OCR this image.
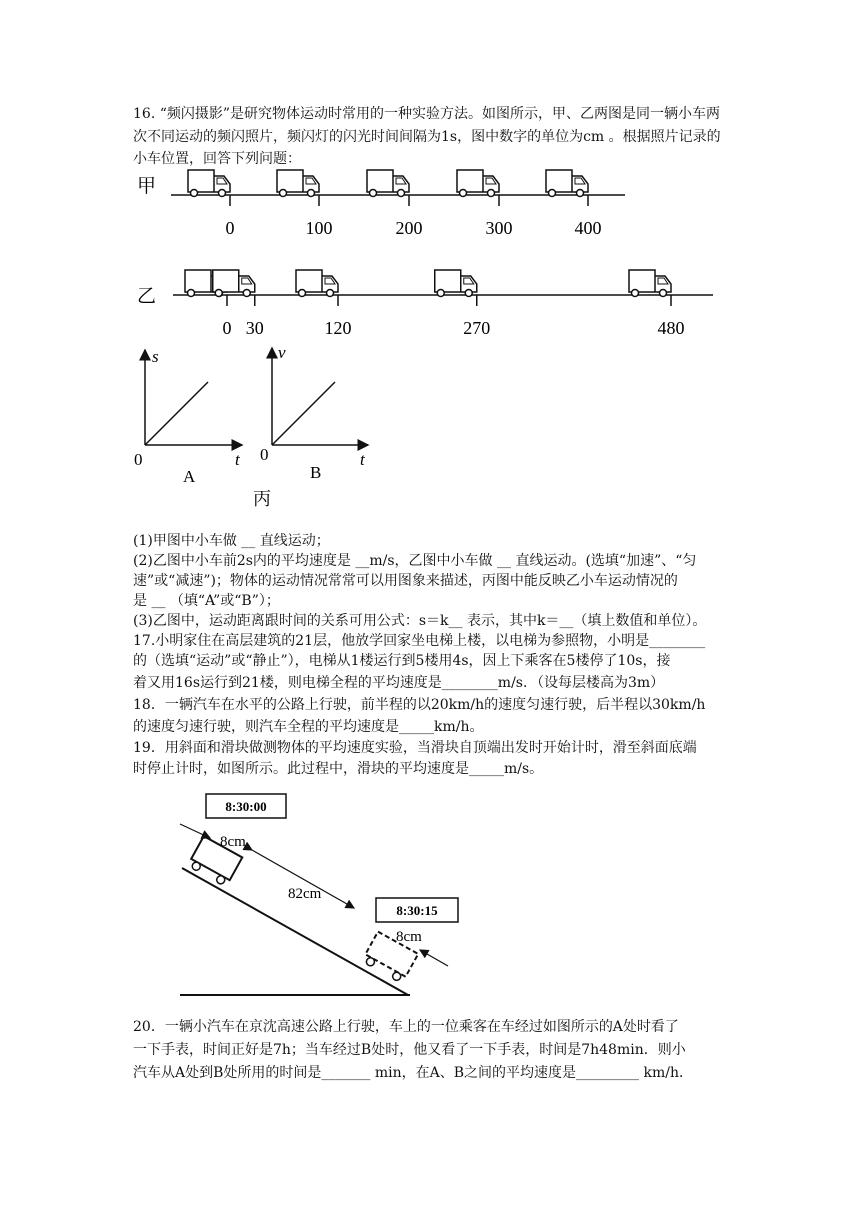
16. “频闪摄影”是研究物体运动时常用的一种实验方法。如图所示，甲、乙两图是同一辆小车两次不同运动的频闪照片，频闪灯的闪光时间间隔为1s，图中数字的单位为cm 。根据照片记录的小车位置，回答下列问题：
甲
0	100	200	300	400
乙
0 30	120	270	480
s
t
0
A
v
t
0
B
丙
(1)甲图中小车做 __ 直线运动；
(2)乙图中小车前2s内的平均速度是 __m/s，乙图中小车做 __ 直线运动。(选填“加速”、“匀
速”或“减速”)；物体的运动情况常常可以用图象来描述，丙图中能反映乙小车运动情况的
是 __ （填“A”或“B”）；
(3)乙图中，运动距离跟时间的关系可用公式：s＝k__ 表示，其中k＝__（填上数值和单位）。
17.小明家住在高层建筑的21层，他放学回家坐电梯上楼，以电梯为参照物，小明是________
的（选填“运动”或“静止”），电梯从1楼运行到5楼用4s，因上下乘客在5楼停了10s，接
着又用16s运行到21楼，则电梯全程的平均速度是________m/s．（设每层楼高为3m）
18．一辆汽车在水平的公路上行驶，前半程的以20km/h的速度匀速行驶，后半程以30km/h
的速度匀速行驶，则汽车全程的平均速度是_____km/h。
19．用斜面和滑块做测物体的平均速度实验，当滑块自顶端出发时开始计时，滑至斜面底端
时停止计时，如图所示。此过程中，滑块的平均速度是_____m/s。
8:30:00
8cm
82cm
8:30:15
8cm
20．一辆小汽车在京沈高速公路上行驶，车上的一位乘客在车经过如图所示的A处时看了
一下手表，时间正好是7h；当车经过B处时，他又看了一下手表，时间是7h48min．则小
汽车从A处到B处所用的时间是_______ min，在A、B之间的平均速度是_________ km/h．
